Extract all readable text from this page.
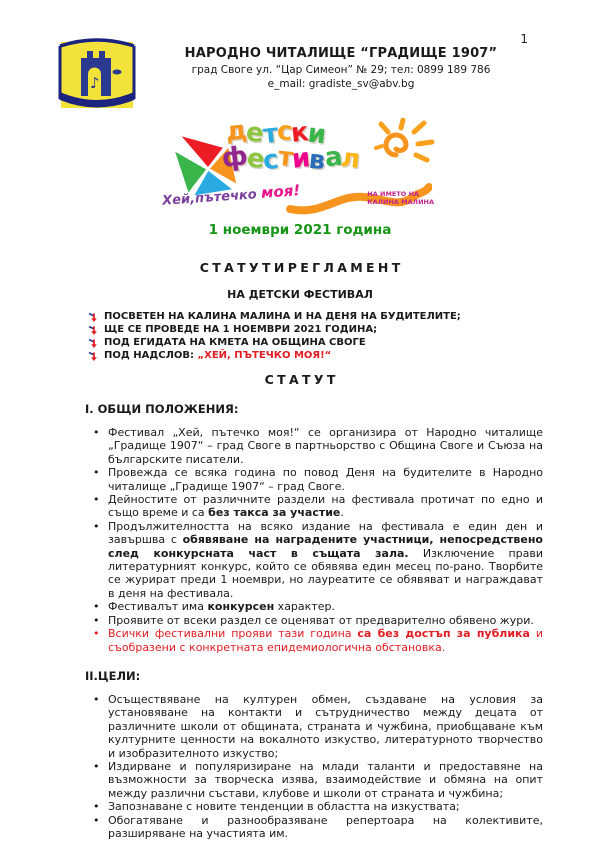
1
♪
НАРОДНО ЧИТАЛИЩЕ “ГРАДИЩЕ 1907”
град Своге ул. “Цар Симеон” № 29; тел: 0899 189 786
e_mail: gradiste_sv@abv.bg
детски
фестивал
Хей,пътечко моя!	НА ИМЕТО НА
КАЛИНА МАЛИНА
1 ноември 2021 година
С Т А Т У Т И Р Е Г Л А М Е Н Т
НА ДЕТСКИ ФЕСТИВАЛ
ПОСВЕТЕН НА КАЛИНА МАЛИНА И НА ДЕНЯ НА БУДИТЕЛИТЕ;
ЩЕ СЕ ПРОВЕДЕ НА 1 НОЕМВРИ 2021 ГОДИНА;
ПОД ЕГИДАТА НА КМЕТА НА ОБЩИНА СВОГЕ
ПОД НАДСЛОВ: „ХЕЙ, ПЪТЕЧКО МОЯ!“
С Т А Т У Т
I. ОБЩИ ПОЛОЖЕНИЯ:
• Фестивал „Хей, пътечко моя!“ се организира от Народно читалище „Градище 1907“ – град Своге в партньорство с Община Своге и Съюза на българските писатели.
• Провежда се всяка година по повод Деня на будителите в Народно читалище „Градище 1907“ – град Своге.
• Дейностите от различните раздели на фестивала протичат по едно и също време и са без такса за участие.
• Продължителността на всяко издание на фестивала е един ден и завършва с обявяване на наградените участници, непосредствено след конкурсната част в същата зала. Изключение прави литературният конкурс, който се обявява един месец по-рано. Творбите се журират преди 1 ноември, но лауреатите се обявяват и награждават в деня на фестивала.
• Фестивалът има конкурсен характер.
• Проявите от всеки раздел се оценяват от предварително обявено жури.
• Всички фестивални прояви тази година са без достъп за публика и съобразени с конкретната епидемиологична обстановка.
II.ЦЕЛИ:
• Осъществяване на културен обмен, създаване на условия за установяване на контакти и сътрудничество между децата от различните школи от общината, страната и чужбина, приобщаване към културните ценности на вокалното изкуство, литературното творчество и изобразителното изкуство;
• Издирване и популяризиране на млади таланти и предоставяне на възможности за творческа изява, взаимодействие и обмяна на опит между различни състави, клубове и школи от страната и чужбина;
• Запознаване с новите тенденции в областта на изкуствата;
• Обогатяване и разнообразяване репертоара на колективите, разширяване на участията им.
